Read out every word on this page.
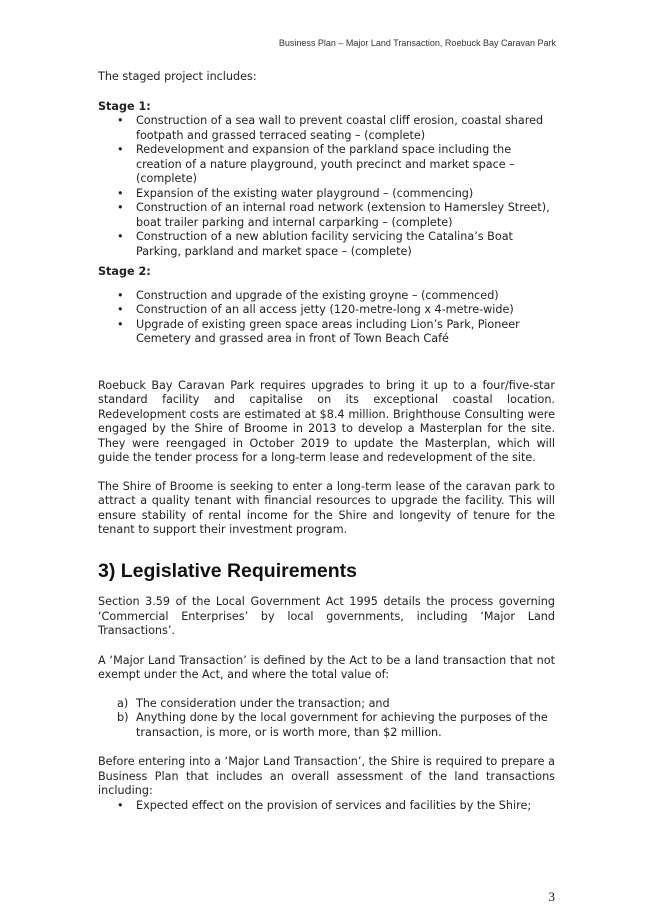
Business Plan – Major Land Transaction, Roebuck Bay Caravan Park

The staged project includes:

Stage 1:

• Construction of a sea wall to prevent coastal cliff erosion, coastal shared footpath and grassed terraced seating – (complete)
• Redevelopment and expansion of the parkland space including the creation of a nature playground, youth precinct and market space – (complete)
• Expansion of the existing water playground – (commencing)
• Construction of an internal road network (extension to Hamersley Street), boat trailer parking and internal carparking – (complete)
• Construction of a new ablution facility servicing the Catalina’s Boat Parking, parkland and market space – (complete)

Stage 2:

• Construction and upgrade of the existing groyne – (commenced)
• Construction of an all access jetty (120-metre-long x 4-metre-wide)
• Upgrade of existing green space areas including Lion’s Park, Pioneer Cemetery and grassed area in front of Town Beach Café

Roebuck Bay Caravan Park requires upgrades to bring it up to a four/five-star standard facility and capitalise on its exceptional coastal location. Redevelopment costs are estimated at $8.4 million. Brighthouse Consulting were engaged by the Shire of Broome in 2013 to develop a Masterplan for the site. They were reengaged in October 2019 to update the Masterplan, which will guide the tender process for a long-term lease and redevelopment of the site.

The Shire of Broome is seeking to enter a long-term lease of the caravan park to attract a quality tenant with financial resources to upgrade the facility. This will ensure stability of rental income for the Shire and longevity of tenure for the tenant to support their investment program.

3) Legislative Requirements

Section 3.59 of the Local Government Act 1995 details the process governing ‘Commercial Enterprises’ by local governments, including ‘Major Land Transactions’.

A ‘Major Land Transaction’ is defined by the Act to be a land transaction that not exempt under the Act, and where the total value of:

a) The consideration under the transaction; and
b) Anything done by the local government for achieving the purposes of the transaction, is more, or is worth more, than $2 million.

Before entering into a ‘Major Land Transaction’, the Shire is required to prepare a Business Plan that includes an overall assessment of the land transactions including:

• Expected effect on the provision of services and facilities by the Shire;
3
